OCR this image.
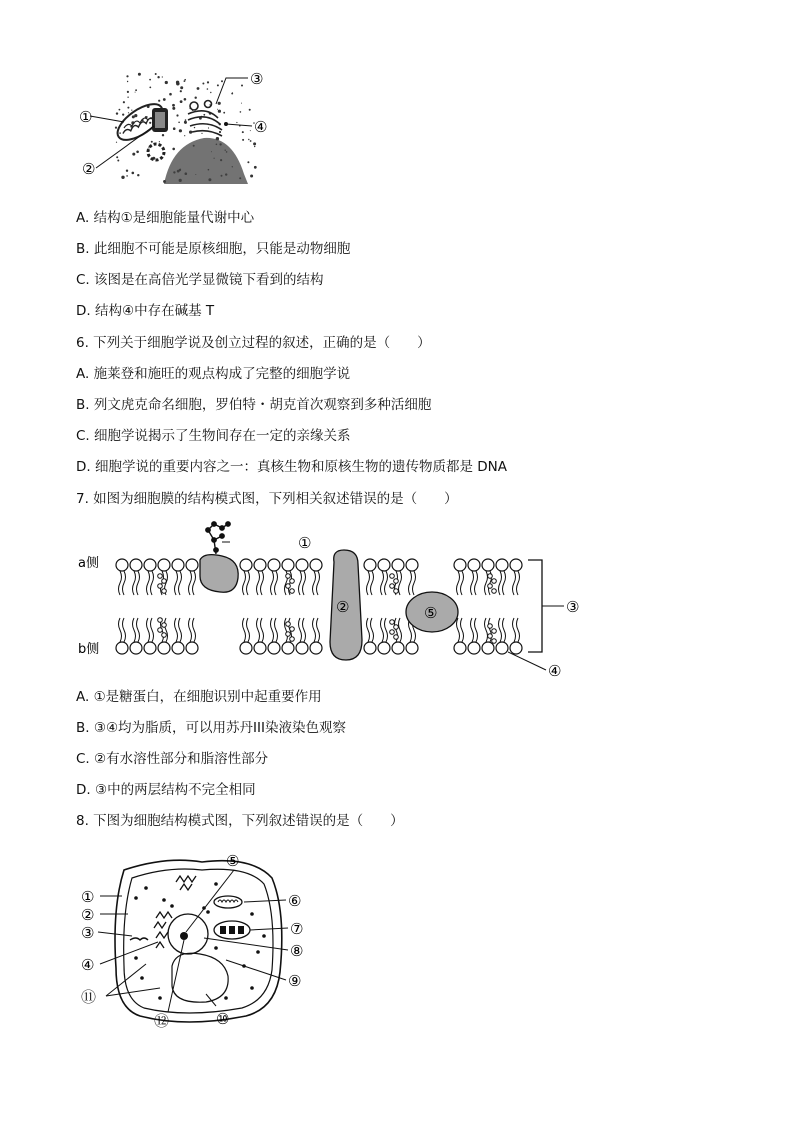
①
②
③
④
A. 结构①是细胞能量代谢中心
B. 此细胞不可能是原核细胞，只能是动物细胞
C. 该图是在高倍光学显微镜下看到的结构
D. 结构④中存在碱基 T
6. 下列关于细胞学说及创立过程的叙述，正确的是（　　）
A. 施莱登和施旺的观点构成了完整的细胞学说
B. 列文虎克命名细胞，罗伯特・胡克首次观察到多种活细胞
C. 细胞学说揭示了生物间存在一定的亲缘关系
D. 细胞学说的重要内容之一：真核生物和原核生物的遗传物质都是 DNA
7. 如图为细胞膜的结构模式图，下列相关叙述错误的是（　　）
a侧
b侧
①
②	③
④
⑤
A. ①是糖蛋白，在细胞识别中起重要作用
B. ③④均为脂质，可以用苏丹III染液染色观察
C. ②有水溶性部分和脂溶性部分
D. ③中的两层结构不完全相同
8. 下图为细胞结构模式图，下列叙述错误的是（　　）
①
②
③
④
⑤
⑥
⑦
⑧
⑨
⑩
⑪
⑫
